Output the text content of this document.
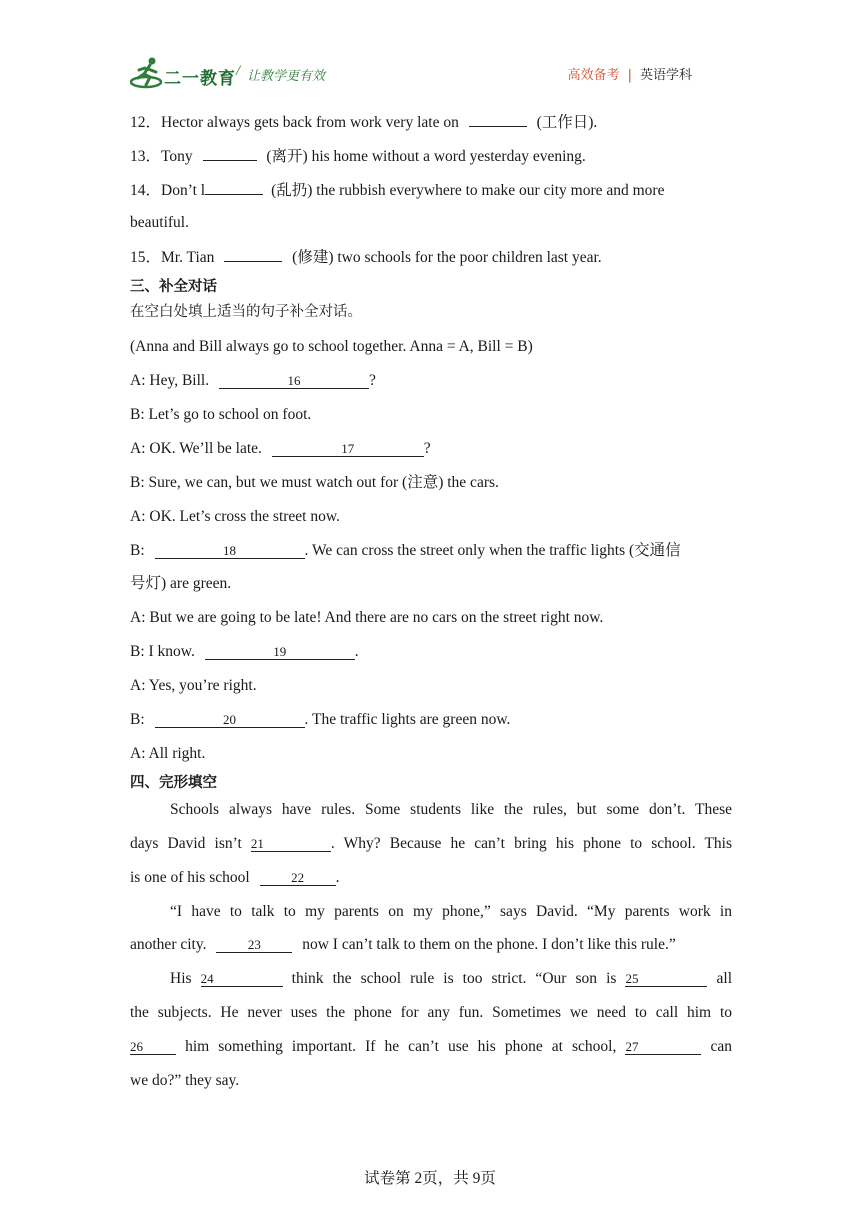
二一教育 / 让教学更有效	高效备考 | 英语学科
12．Hector always gets back from work very late on	(工作日).
13．Tony	(离开) his home without a word yesterday evening.
14．Don’t l	(乱扔) the rubbish everywhere to make our city more and more
beautiful.
15．Mr. Tian	(修建) two schools for the poor children last year.
三、补全对话
在空白处填上适当的句子补全对话。
(Anna and Bill always go to school together. Anna = A, Bill = B)
A: Hey, Bill.	16	?
B: Let’s go to school on foot.
A: OK. We’ll be late.	17	?
B: Sure, we can, but we must watch out for (注意) the cars.
A: OK. Let’s cross the street now.
B:	18	. We can cross the street only when the traffic lights (交通信
号灯) are green.
A: But we are going to be late! And there are no cars on the street right now.
B: I know.	19	.
A: Yes, you’re right.
B:	20	. The traffic lights are green now.
A: All right.
四、完形填空
Schools always have rules. Some students like the rules, but some don’t. These
days David isn’t 21	. Why? Because he can’t bring his phone to school. This
is one of his school	22 .
“I have to talk to my parents on my phone,” says David. “My parents work in
another city.	23	now I can’t talk to them on the phone. I don’t like this rule.”
His 24	think the school rule is too strict. “Our son is 25	all
the subjects. He never uses the phone for any fun. Sometimes we need to call him to
26	him something important. If he can’t use his phone at school, 27	can
we do?” they say.
试卷第 2页，共 9页
